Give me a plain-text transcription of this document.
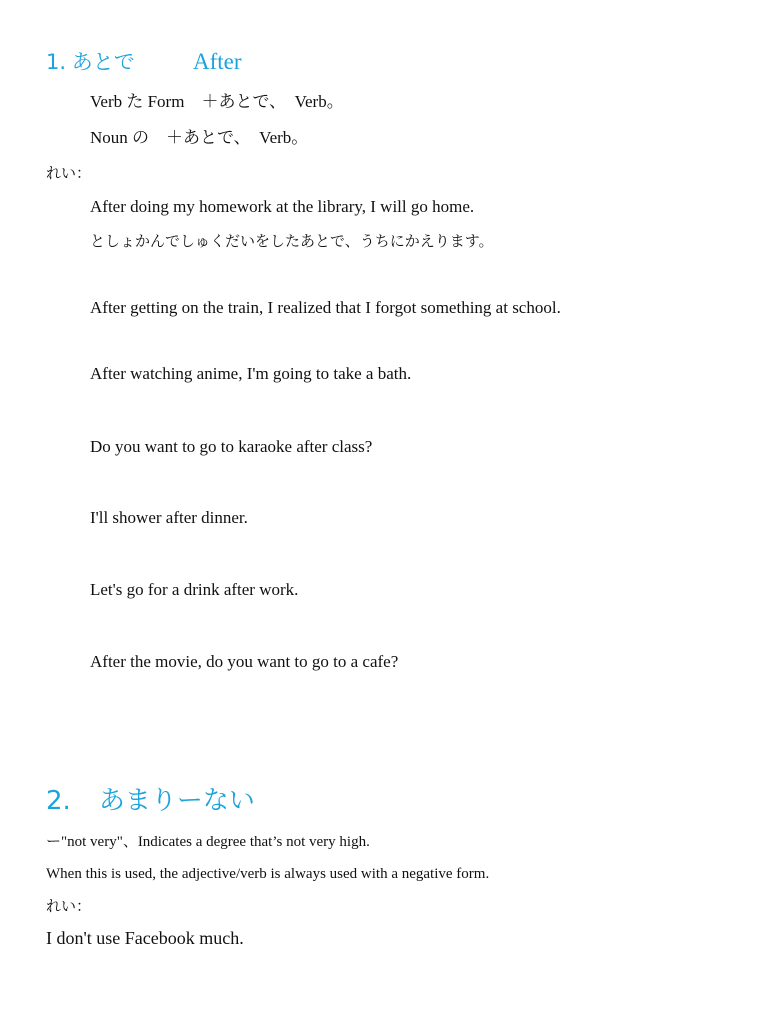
1. あとで	After
Verb た Form　＋あとで、　Verb。
Noun の　＋あとで、　Verb。
れい：
After doing my homework at the library, I will go home.
としょかんでしゅくだいをしたあとで、うちにかえります。
After getting on the train, I realized that I forgot something at school.
After watching anime, I'm going to take a bath.
Do you want to go to karaoke after class?
I'll shower after dinner.
Let's go for a drink after work.
After the movie, do you want to go to a cafe?
2. あまりーない
ー"not very"、Indicates a degree that’s not very high.
When this is used, the adjective/verb is always used with a negative form.
れい：
I don't use Facebook much.
